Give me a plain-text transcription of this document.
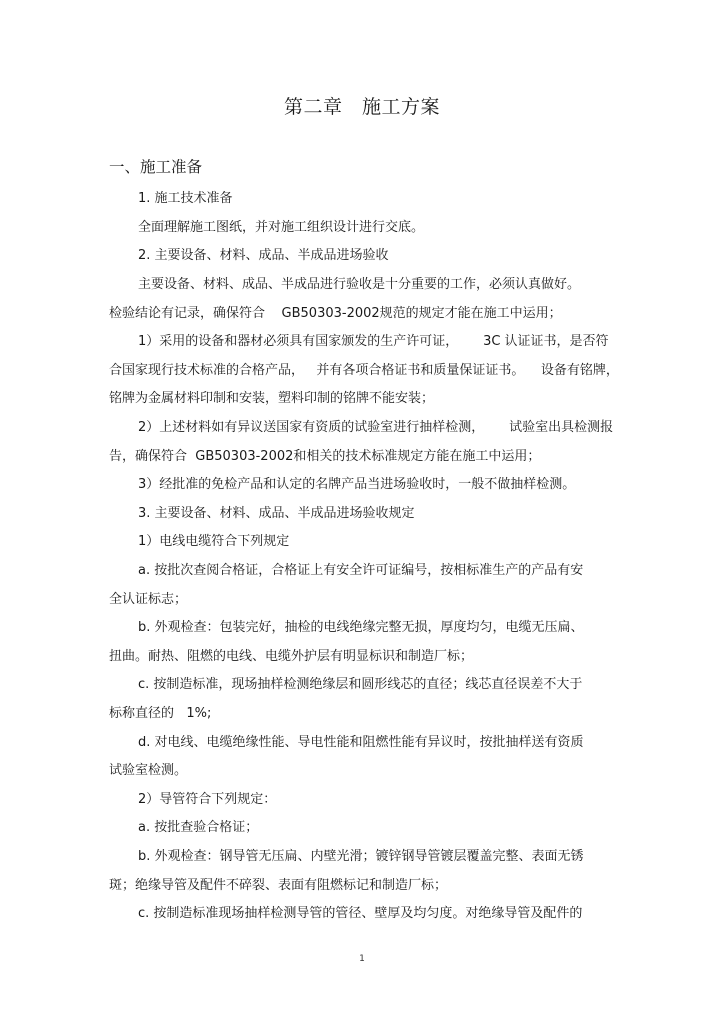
第二章   施工方案
一、施工准备
1. 施工技术准备
全面理解施工图纸，并对施工组织设计进行交底。
2. 主要设备、材料、成品、半成品进场验收
主要设备、材料、成品、半成品进行验收是十分重要的工作，必须认真做好。
检验结论有记录，确保符合    GB50303-2002规范的规定才能在施工中运用；
1）采用的设备和器材必须具有国家颁发的生产许可证，      3C 认证证书，是否符
合国家现行技术标准的合格产品，   并有各项合格证书和质量保证证书。    设备有铭牌，
铭牌为金属材料印制和安装，塑料印制的铭牌不能安装；
2）上述材料如有异议送国家有资质的试验室进行抽样检测，      试验室出具检测报
告，确保符合  GB50303-2002和相关的技术标准规定方能在施工中运用；
3）经批准的免检产品和认定的名牌产品当进场验收时，一般不做抽样检测。
3. 主要设备、材料、成品、半成品进场验收规定
1）电线电缆符合下列规定
a. 按批次查阅合格证，合格证上有安全许可证编号，按相标准生产的产品有安
全认证标志；
b. 外观检查：包装完好，抽检的电线绝缘完整无损，厚度均匀，电缆无压扁、
扭曲。耐热、阻燃的电线、电缆外护层有明显标识和制造厂标；
c. 按制造标准，现场抽样检测绝缘层和圆形线芯的直径；线芯直径误差不大于
标称直径的   1%;
d. 对电线、电缆绝缘性能、导电性能和阻燃性能有异议时，按批抽样送有资质
试验室检测。
2）导管符合下列规定：
a. 按批查验合格证；
b. 外观检查：钢导管无压扁、内壁光滑；镀锌钢导管镀层覆盖完整、表面无锈
斑；绝缘导管及配件不碎裂、表面有阻燃标记和制造厂标；
c. 按制造标准现场抽样检测导管的管径、壁厚及均匀度。对绝缘导管及配件的
1
